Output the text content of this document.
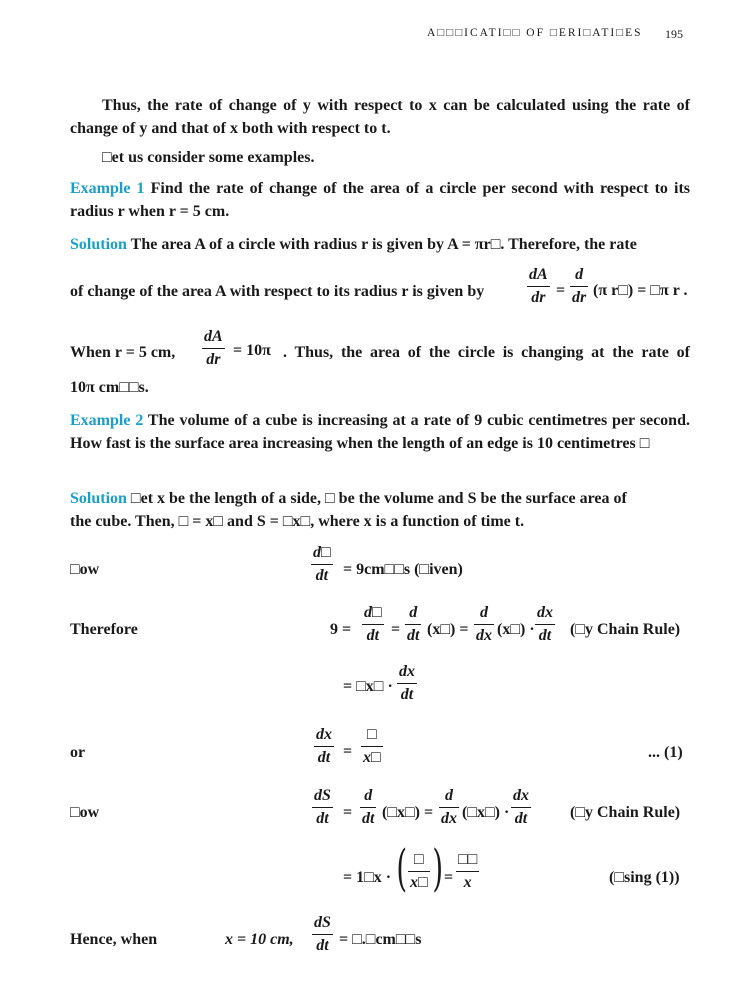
A□□□ICATI□□ OF □ERI□ATI□ES 195
Thus, the rate of change of y with respect to x can be calculated using the rate of change of y and that of x both with respect to t.
□et us consider some examples.
Example 1 Find the rate of change of the area of a circle per second with respect to its radius r when r = 5 cm.
Solution The area A of a circle with radius r is given by A = πr□. Therefore, the rate
of change of the area A with respect to its radius r is given by
dA
dr =
d
dr (π r□) = □π r .
When r = 5 cm,
dA
dr
= 10π . Thus, the area of the circle is changing at the rate of
10π cm□□s.
Example 2 The volume of a cube is increasing at a rate of 9 cubic centimetres per second. How fast is the surface area increasing when the length of an edge is 10 centimetres □
Solution □et x be the length of a side, □ be the volume and S be the surface area of
the cube. Then, □ = x□ and S = □x□, where x is a function of time t.
□ow
d□
dt = 9cm□□s (□iven)
Therefore	9 =
d□
dt =
d
dt (x□) =
d
dx (x□) ·
dx
dt (□y Chain Rule)
= □x□ ·
dx
dt
or
dx
dt =
□
x□	... (1)
□ow
dS
dt =
d
dt (□x□) =
d
dx (□x□) ·
dx
dt	(□y Chain Rule)
= 1□x · ( □
x□ ) =
□□
x	(□sing (1))
Hence, when	x = 10 cm,
dS
dt = □.□cm□□s
